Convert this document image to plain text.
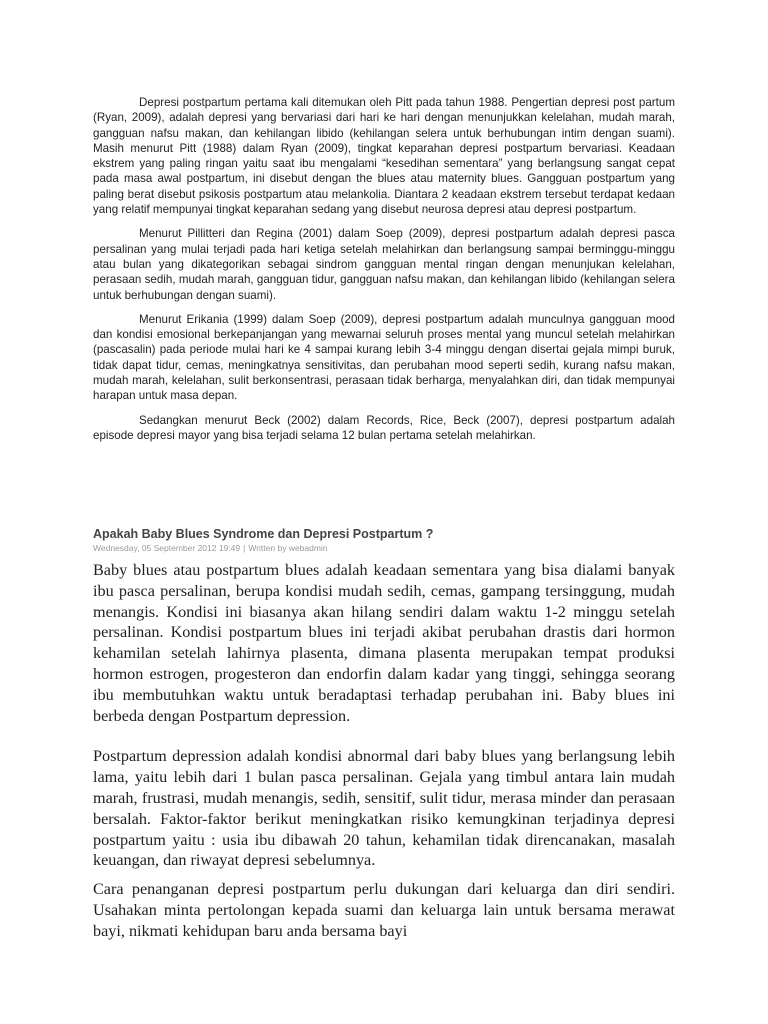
Depresi postpartum pertama kali ditemukan oleh Pitt pada tahun 1988. Pengertian depresi post partum (Ryan, 2009), adalah depresi yang bervariasi dari hari ke hari dengan menunjukkan kelelahan, mudah marah, gangguan nafsu makan, dan kehilangan libido (kehilangan selera untuk berhubungan intim dengan suami). Masih menurut Pitt (1988) dalam Ryan (2009), tingkat keparahan depresi postpartum bervariasi. Keadaan ekstrem yang paling ringan yaitu saat ibu mengalami “kesedihan sementara” yang berlangsung sangat cepat pada masa awal postpartum, ini disebut dengan the blues atau maternity blues. Gangguan postpartum yang paling berat disebut psikosis postpartum atau melankolia. Diantara 2 keadaan ekstrem tersebut terdapat kedaan yang relatif mempunyai tingkat keparahan sedang yang disebut neurosa depresi atau depresi postpartum.

Menurut Pillitteri dan Regina (2001) dalam Soep (2009), depresi postpartum adalah depresi pasca persalinan yang mulai terjadi pada hari ketiga setelah melahirkan dan berlangsung sampai berminggu-minggu atau bulan yang dikategorikan sebagai sindrom gangguan mental ringan dengan menunjukan kelelahan, perasaan sedih, mudah marah, gangguan tidur, gangguan nafsu makan, dan kehilangan libido (kehilangan selera untuk berhubungan dengan suami).

Menurut Erikania (1999) dalam Soep (2009), depresi postpartum adalah munculnya gangguan mood dan kondisi emosional berkepanjangan yang mewarnai seluruh proses mental yang muncul setelah melahirkan (pascasalin) pada periode mulai hari ke 4 sampai kurang lebih 3-4 minggu dengan disertai gejala mimpi buruk, tidak dapat tidur, cemas, meningkatnya sensitivitas, dan perubahan mood seperti sedih, kurang nafsu makan, mudah marah, kelelahan, sulit berkonsentrasi, perasaan tidak berharga, menyalahkan diri, dan tidak mempunyai harapan untuk masa depan.

Sedangkan menurut Beck (2002) dalam Records, Rice, Beck (2007), depresi postpartum adalah episode depresi mayor yang bisa terjadi selama 12 bulan pertama setelah melahirkan.

Apakah Baby Blues Syndrome dan Depresi Postpartum ?
Wednesday, 05 September 2012 19:49 | Written by webadmin

Baby blues atau postpartum blues adalah keadaan sementara yang bisa dialami banyak ibu pasca persalinan, berupa kondisi mudah sedih, cemas, gampang tersinggung, mudah menangis. Kondisi ini biasanya akan hilang sendiri dalam waktu 1-2 minggu setelah persalinan. Kondisi postpartum blues ini terjadi akibat perubahan drastis dari hormon kehamilan setelah lahirnya plasenta, dimana plasenta merupakan tempat produksi hormon estrogen, progesteron dan endorfin dalam kadar yang tinggi, sehingga seorang ibu membutuhkan waktu untuk beradaptasi terhadap perubahan ini. Baby blues ini berbeda dengan Postpartum depression.

Postpartum depression adalah kondisi abnormal dari baby blues yang berlangsung lebih lama, yaitu lebih dari 1 bulan pasca persalinan. Gejala yang timbul antara lain mudah marah, frustrasi, mudah menangis, sedih, sensitif, sulit tidur, merasa minder dan perasaan bersalah. Faktor-faktor berikut meningkatkan risiko kemungkinan terjadinya depresi postpartum yaitu : usia ibu dibawah 20 tahun, kehamilan tidak direncanakan, masalah keuangan, dan riwayat depresi sebelumnya.

Cara penanganan depresi postpartum perlu dukungan dari keluarga dan diri sendiri. Usahakan minta pertolongan kepada suami dan keluarga lain untuk bersama merawat bayi, nikmati kehidupan baru anda bersama bayi
